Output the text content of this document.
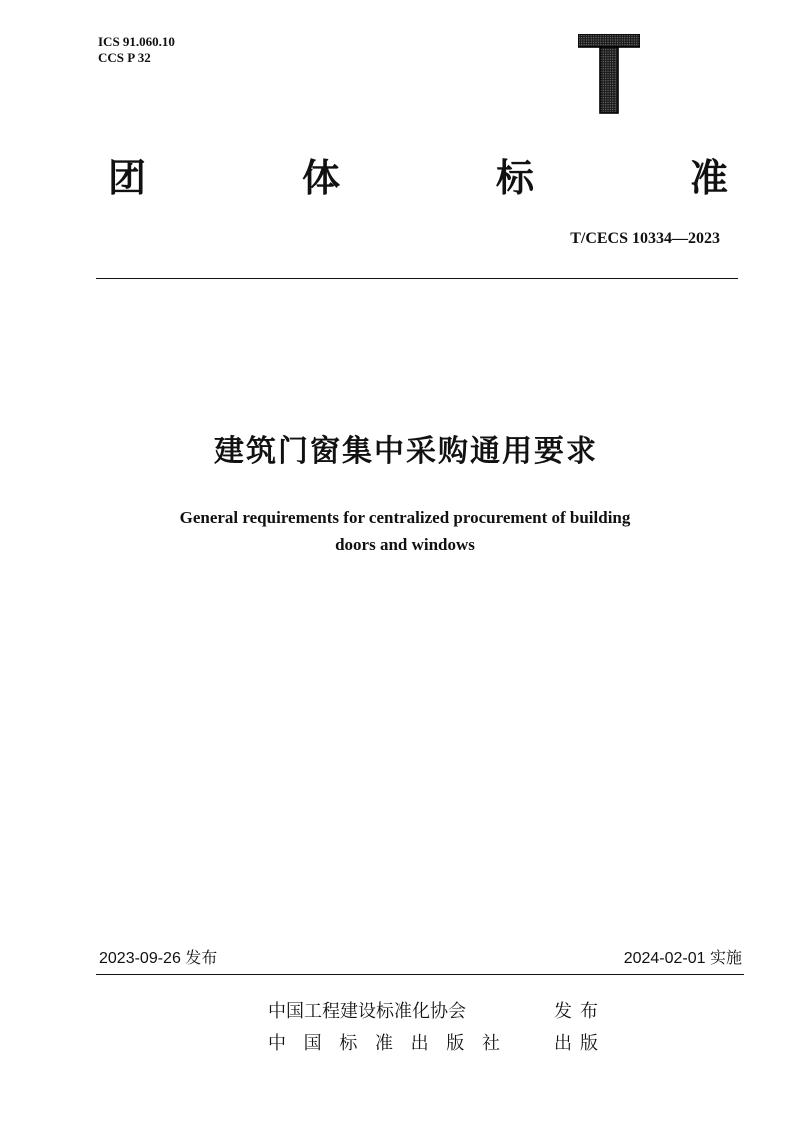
ICS 91.060.10
CCS P 32
团	体	标	准
T/CECS 10334—2023
建筑门窗集中采购通用要求
General requirements for centralized procurement of building
doors and windows
2023-09-26 发布	2024-02-01 实施
中国工程建设标准化协会	发 布
中 国 标 准 出 版 社	出 版
